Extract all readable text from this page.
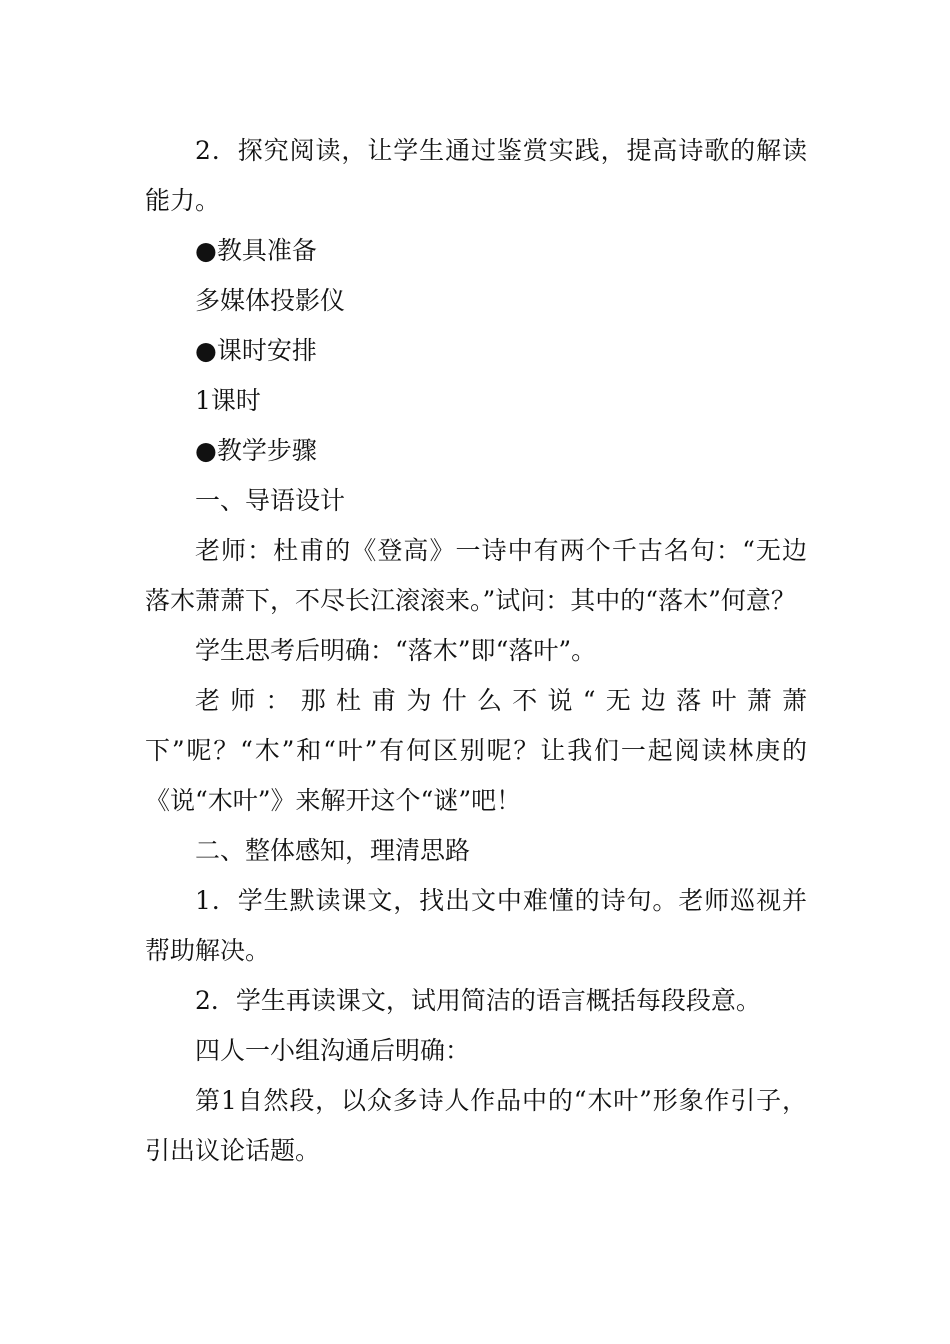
2．探究阅读，让学生通过鉴赏实践，提高诗歌的解读能力。

●教具准备

多媒体投影仪

●课时安排

1课时

●教学步骤

一、导语设计

老师：杜甫的《登高》一诗中有两个千古名句：“无边落木萧萧下，不尽长江滚滚来。”试问：其中的“落木”何意？

学生思考后明确：“落木”即“落叶”。

老师：那杜甫为什么不说“无边落叶萧萧下”呢？“木”和“叶”有何区别呢？让我们一起阅读林庚的《说“木叶”》来解开这个“谜”吧！

二、整体感知，理清思路

1．学生默读课文，找出文中难懂的诗句。老师巡视并帮助解决。

2．学生再读课文，试用简洁的语言概括每段段意。

四人一小组沟通后明确：

第1自然段，以众多诗人作品中的“木叶”形象作引子，引出议论话题。
